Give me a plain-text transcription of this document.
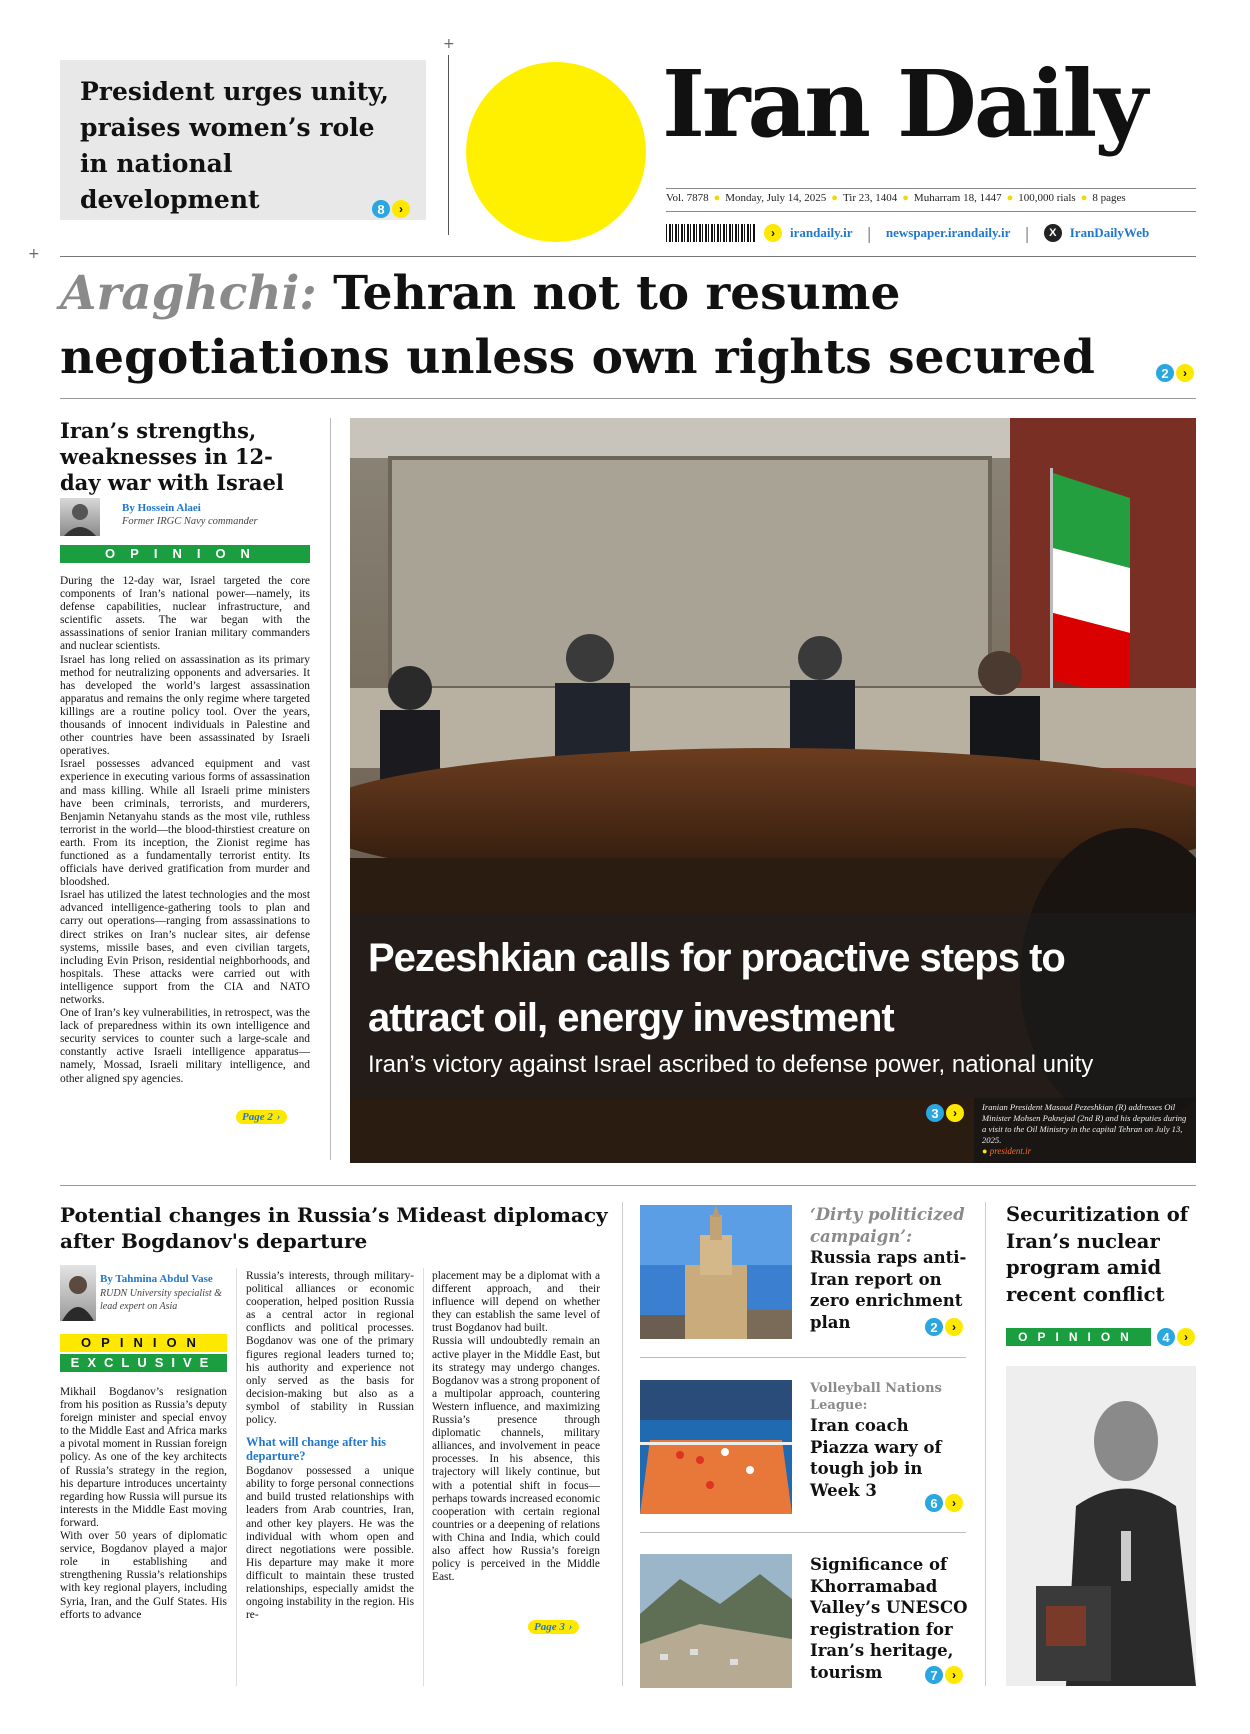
+
+
President urges unity, praises women’s role in national development	8	›
Iran Daily
Vol. 7878 ● Monday, July 14, 2025 ● Tir 23, 1404 ● Muharram 18, 1447 ● 100,000 rials ● 8 pages
›	irandaily.ir | newspaper.irandaily.ir |	X	IranDailyWeb
Araghchi: Tehran not to resume negotiations unless own rights secured	2	›
Iran’s strengths, weaknesses in 12-day war with Israel
By Hossein Alaei
Former IRGC Navy commander
OPINION

During the 12-day war, Israel targeted the core components of Iran’s national power—namely, its defense capabilities, nuclear infrastructure, and scientific assets. The war began with the assassinations of senior Iranian military commanders and nuclear scientists.

Israel has long relied on assassination as its primary method for neutralizing opponents and adversaries. It has developed the world’s largest assassination apparatus and remains the only regime where targeted killings are a routine policy tool. Over the years, thousands of innocent individuals in Palestine and other countries have been assassinated by Israeli operatives.

Israel possesses advanced equipment and vast experience in executing various forms of assassination and mass killing. While all Israeli prime ministers have been criminals, terrorists, and murderers, Benjamin Netanyahu stands as the most vile, ruthless terrorist in the world—the blood-thirstiest creature on earth. From its inception, the Zionist regime has functioned as a fundamentally terrorist entity. Its officials have derived gratification from murder and bloodshed.

Israel has utilized the latest technologies and the most advanced intelligence-gathering tools to plan and carry out operations—ranging from assassinations to direct strikes on Iran’s nuclear sites, air defense systems, missile bases, and even civilian targets, including Evin Prison, residential neighborhoods, and hospitals. These attacks were carried out with intelligence support from the CIA and NATO networks.

One of Iran’s key vulnerabilities, in retrospect, was the lack of preparedness within its own intelligence and security services to counter such a large-scale and constantly active Israeli intelligence apparatus—namely, Mossad, Israeli military intelligence, and other aligned spy agencies.

Page 2 ›
Pezeshkian calls for proactive steps to attract oil, energy investment
Iran’s victory against Israel ascribed to defense power, national unity
3	›	Iranian President Masoud Pezeshkian (R) addresses Oil Minister Mohsen Paknejad (2nd R) and his deputies during a visit to the Oil Ministry in the capital Tehran on July 13, 2025.
● president.ir
Potential changes in Russia’s Mideast diplomacy after Bogdanov's departure
By Tahmina Abdul Vase
RUDN University specialist & lead expert on Asia
OPINION
EXCLUSIVE

Mikhail Bogdanov’s resignation from his position as Russia’s deputy foreign minister and special envoy to the Middle East and Africa marks a pivotal moment in Russian foreign policy. As one of the key architects of Russia’s strategy in the region, his departure introduces uncertainty regarding how Russia will pursue its interests in the Middle East moving forward.

With over 50 years of diplomatic service, Bogdanov played a major role in establishing and strengthening Russia’s relationships with key regional players, including Syria, Iran, and the Gulf States. His efforts to advance

Russia’s interests, through military-political alliances or economic cooperation, helped position Russia as a central actor in regional conflicts and political processes. Bogdanov was one of the primary figures regional leaders turned to; his authority and experience not only served as the basis for decision-making but also as a symbol of stability in Russian policy.

What will change after his departure?

Bogdanov possessed a unique ability to forge personal connections and build trusted relationships with leaders from Arab countries, Iran, and other key players. He was the individual with whom open and direct negotiations were possible. His departure may make it more difficult to maintain these trusted relationships, especially amidst the ongoing instability in the region. His re-

placement may be a diplomat with a different approach, and their influence will depend on whether they can establish the same level of trust Bogdanov had built.

Russia will undoubtedly remain an active player in the Middle East, but its strategy may undergo changes. Bogdanov was a strong proponent of a multipolar approach, countering Western influence, and maximizing Russia’s presence through diplomatic channels, military alliances, and involvement in peace processes. In his absence, this trajectory will likely continue, but with a potential shift in focus—perhaps towards increased economic cooperation with certain regional countries or a deepening of relations with China and India, which could also affect how Russia’s foreign policy is perceived in the Middle East.

Page 3 ›
‘Dirty politicized campaign’: Russia raps anti-Iran report on zero enrichment plan	2	›
Volleyball Nations League:
Iran coach Piazza wary of tough job in Week 3
6	›
Significance of Khorramabad Valley’s UNESCO registration for Iran’s heritage, tourism	7	›
Securitization of Iran’s nuclear program amid recent conflict
OPINION	4	›
